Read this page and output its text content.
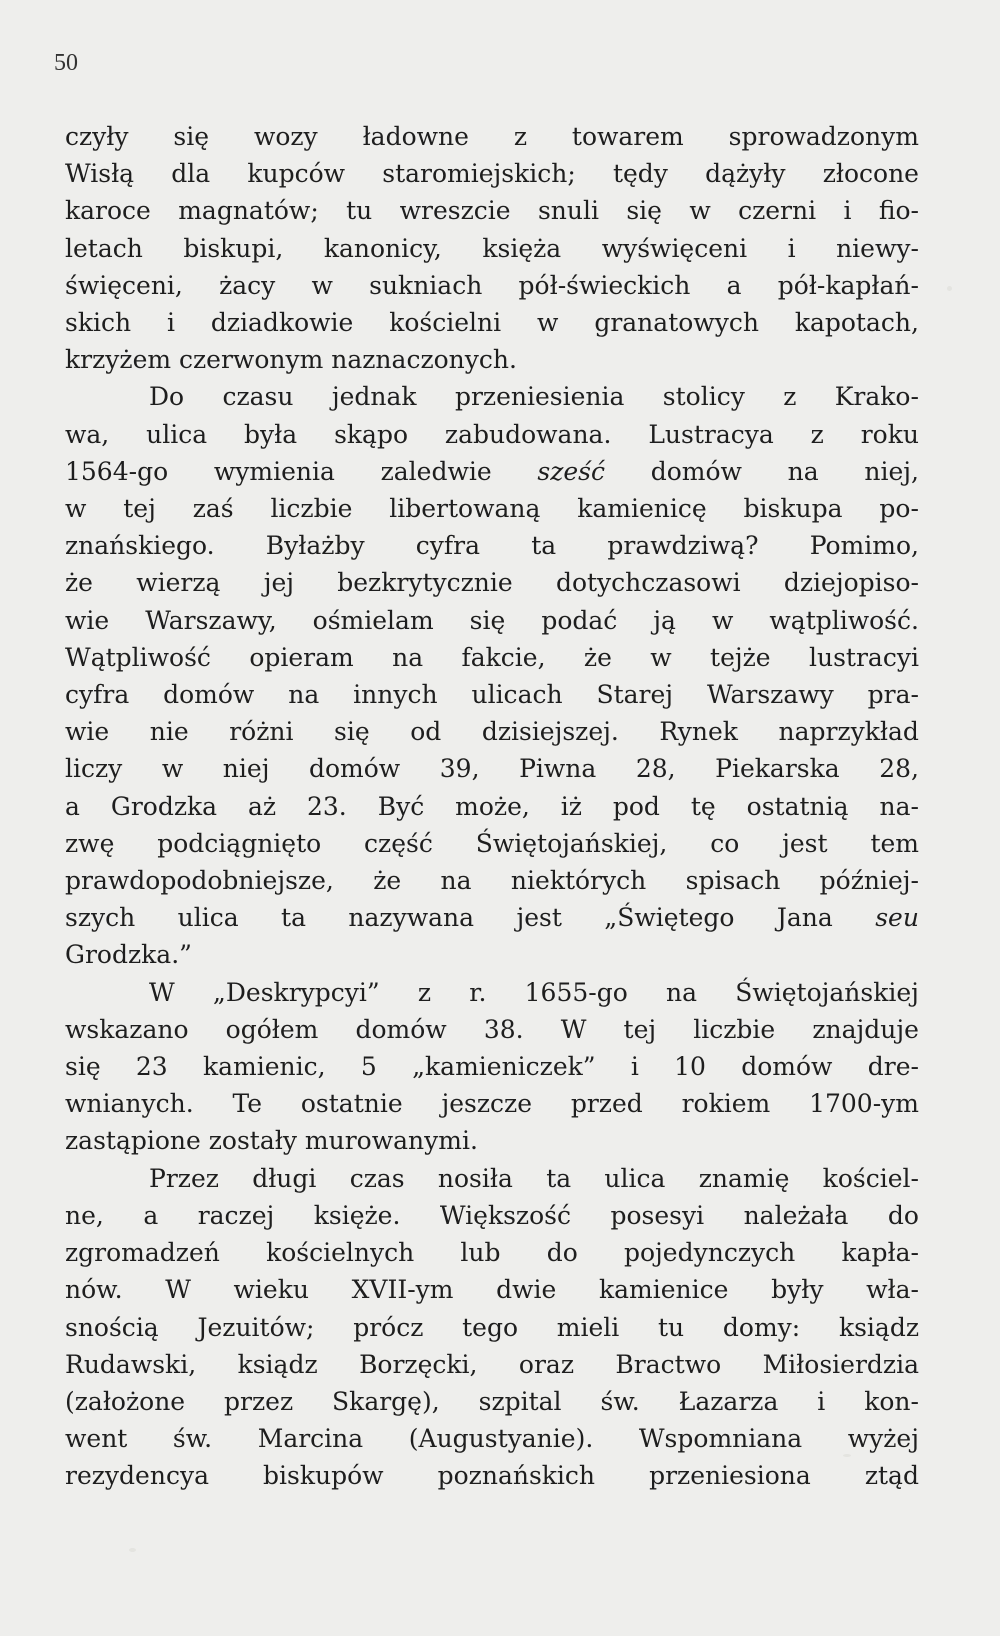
50
czyły się wozy ładowne z towarem sprowadzonym
Wisłą dla kupców staromiejskich; tędy dążyły złocone
karoce magnatów; tu wreszcie snuli się w czerni i fio-
letach biskupi, kanonicy, księża wyświęceni i niewy-
święceni, żacy w sukniach pół-świeckich a pół-kapłań-
skich i dziadkowie kościelni w granatowych kapotach,
krzyżem czerwonym naznaczonych.
Do czasu jednak przeniesienia stolicy z Krako-
wa, ulica była skąpo zabudowana. Lustracya z roku
1564-go wymienia zaledwie sześć domów na niej,
w tej zaś liczbie libertowaną kamienicę biskupa po-
znańskiego. Byłażby cyfra ta prawdziwą? Pomimo,
że wierzą jej bezkrytycznie dotychczasowi dziejopiso-
wie Warszawy, ośmielam się podać ją w wątpliwość.
Wątpliwość opieram na fakcie, że w tejże lustracyi
cyfra domów na innych ulicach Starej Warszawy pra-
wie nie różni się od dzisiejszej. Rynek naprzykład
liczy w niej domów 39, Piwna 28, Piekarska 28,
a Grodzka aż 23. Być może, iż pod tę ostatnią na-
zwę podciągnięto część Świętojańskiej, co jest tem
prawdopodobniejsze, że na niektórych spisach później-
szych ulica ta nazywana jest „Świętego Jana seu
Grodzka.”
W „Deskrypcyi” z r. 1655-go na Świętojańskiej
wskazano ogółem domów 38. W tej liczbie znajduje
się 23 kamienic, 5 „kamieniczek” i 10 domów dre-
wnianych. Te ostatnie jeszcze przed rokiem 1700-ym
zastąpione zostały murowanymi.
Przez długi czas nosiła ta ulica znamię kościel-
ne, a raczej księże. Większość posesyi należała do
zgromadzeń kościelnych lub do pojedynczych kapła-
nów. W wieku XVII-ym dwie kamienice były wła-
snością Jezuitów; prócz tego mieli tu domy: ksiądz
Rudawski, ksiądz Borzęcki, oraz Bractwo Miłosierdzia
(założone przez Skargę), szpital św. Łazarza i kon-
went św. Marcina (Augustyanie). Wspomniana wyżej
rezydencya biskupów poznańskich przeniesiona ztąd
